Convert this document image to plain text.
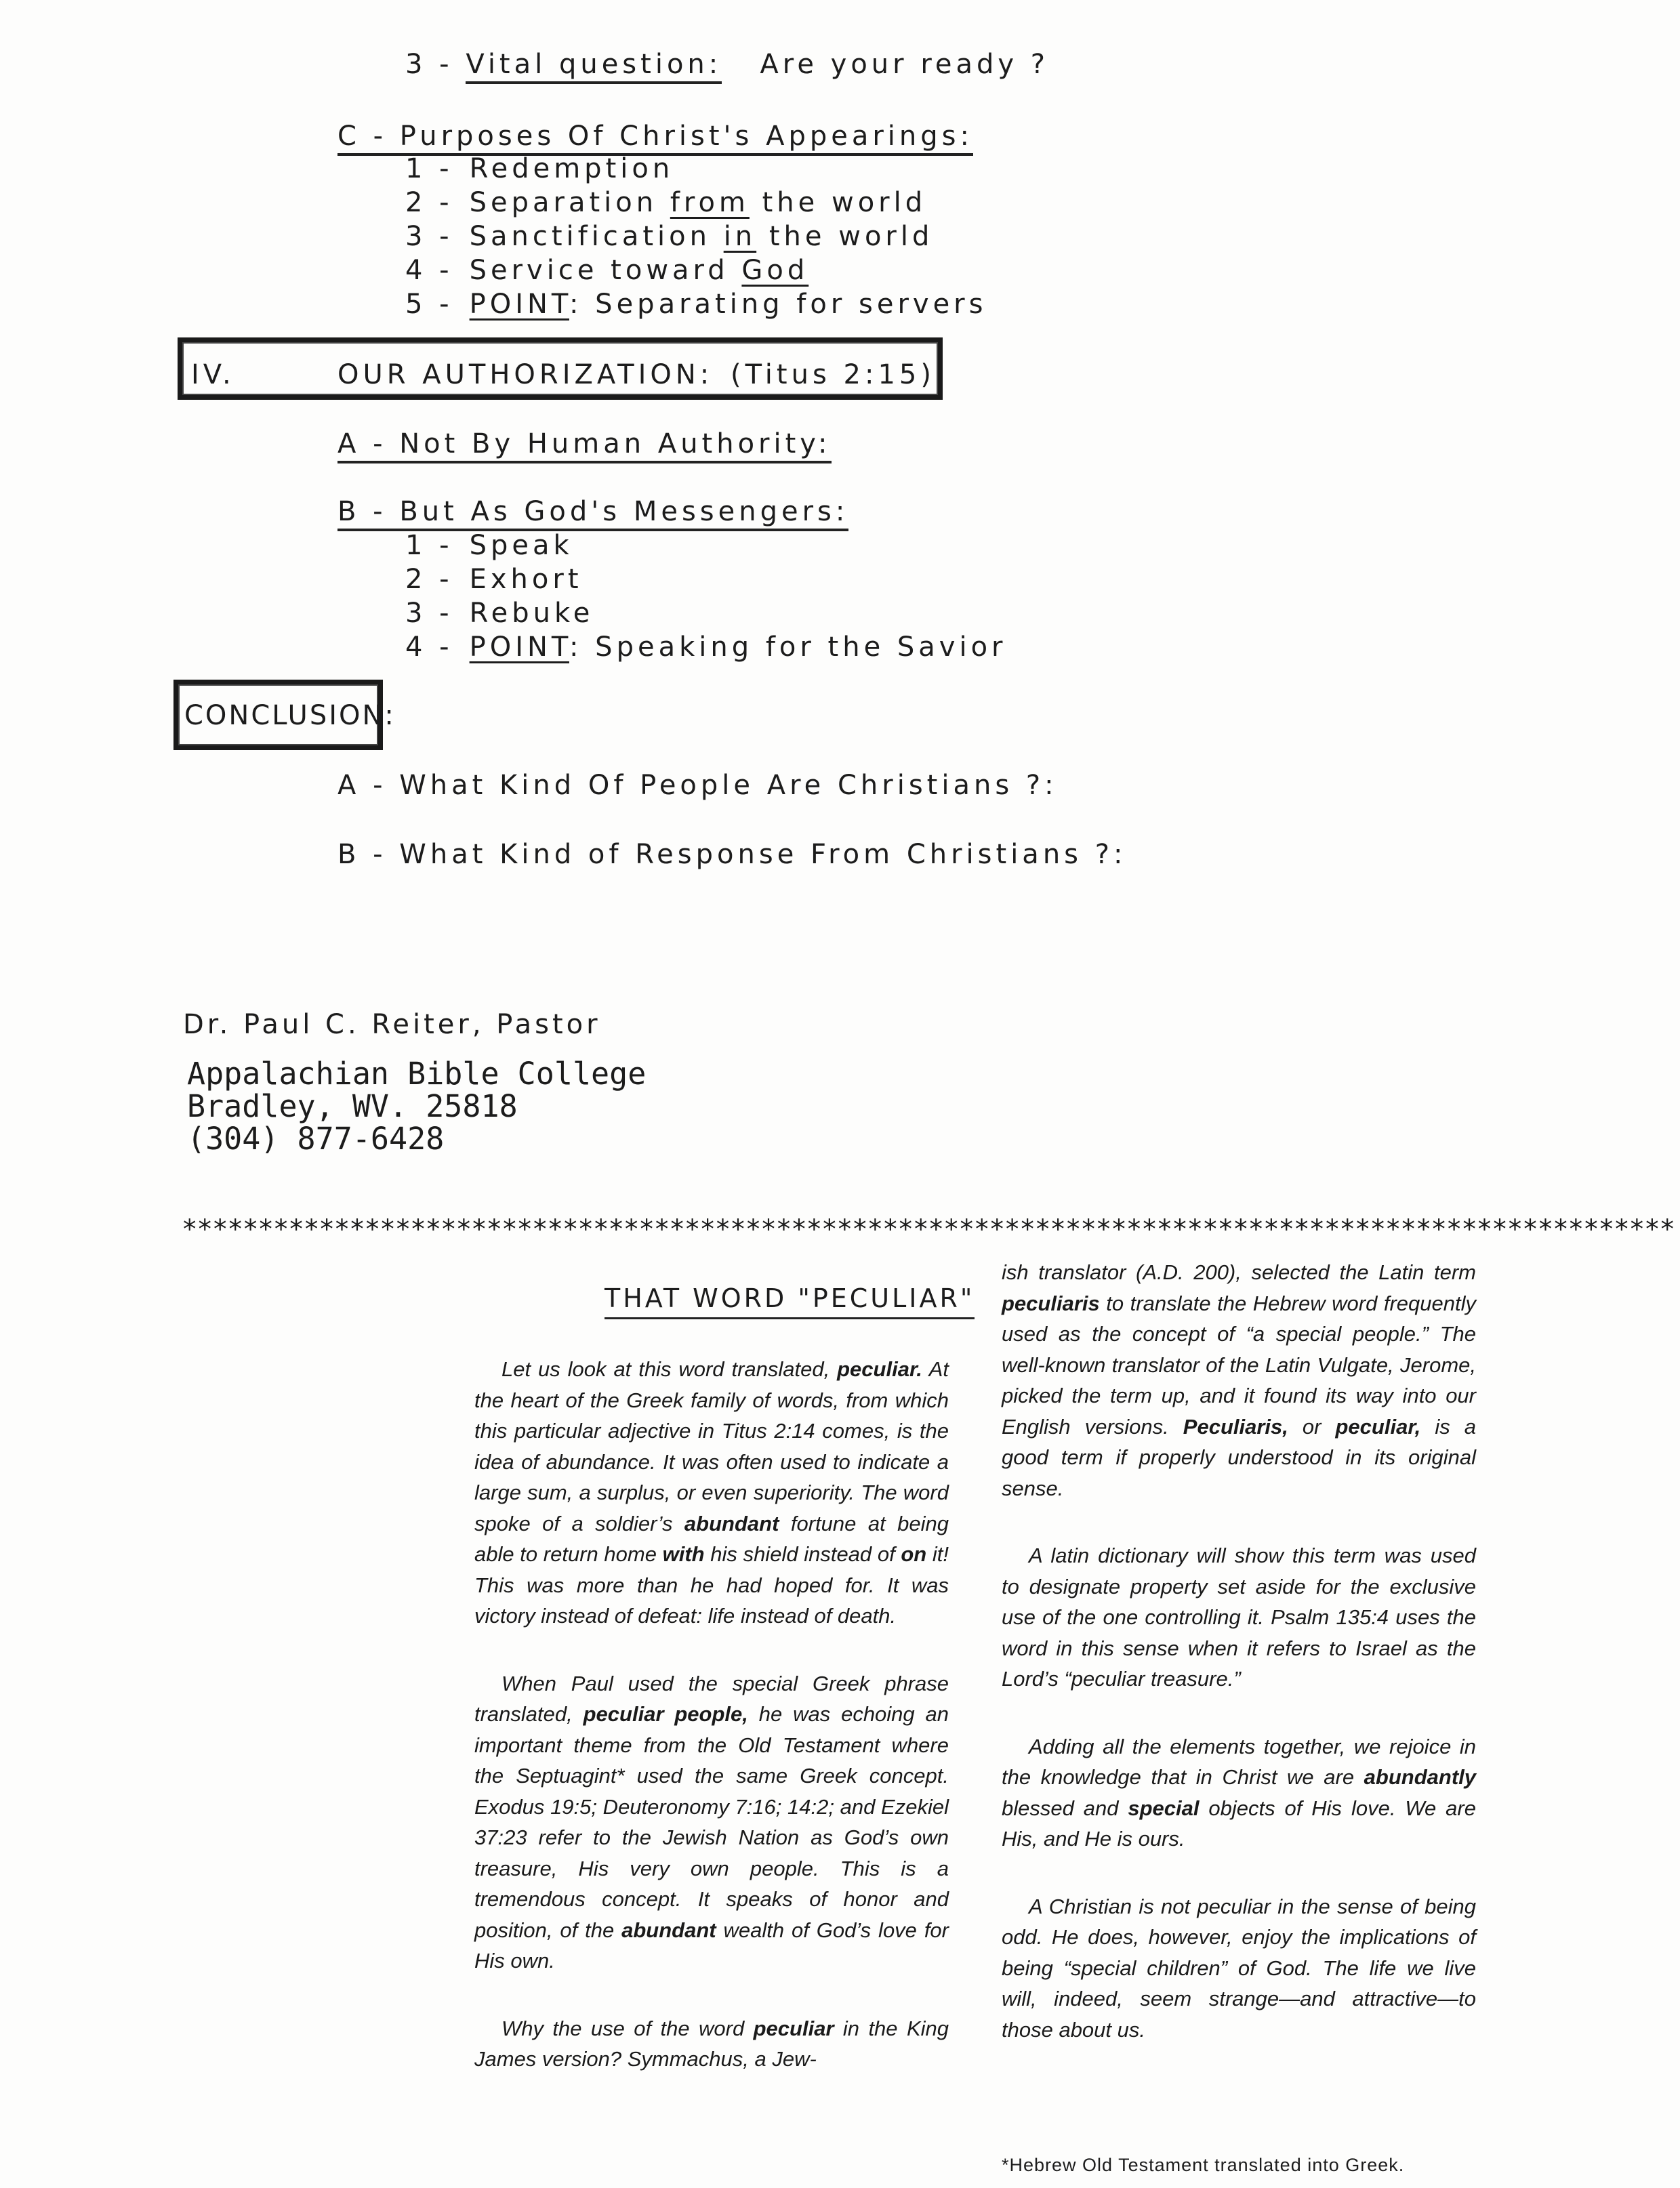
3 - Vital question: Are your ready ?
C - Purposes Of Christ's Appearings:
1 - Redemption
2 - Separation from the world
3 - Sanctification in the world
4 - Service toward God
5 - POINT: Separating for servers
IV.	OUR AUTHORIZATION: (Titus 2:15)
A - Not By Human Authority:
B - But As God's Messengers:
1 - Speak
2 - Exhort
3 - Rebuke
4 - POINT: Speaking for the Savior
CONCLUSION:
A - What Kind Of People Are Christians ?:
B - What Kind of Response From Christians ?:
Dr. Paul C. Reiter, Pastor
Appalachian Bible College
Bradley, WV. 25818
(304) 877-6428
**************************************************************************************************
THAT WORD "PECULIAR"

Let us look at this word translated, peculiar. At the heart of the Greek family of words, from which this particular adjective in Titus 2:14 comes, is the idea of abundance. It was often used to indicate a large sum, a surplus, or even superiority. The word spoke of a soldier’s abundant fortune at being able to return home with his shield instead of on it! This was more than he had hoped for. It was victory instead of defeat: life instead of death.

When Paul used the special Greek phrase translated, peculiar people, he was echoing an important theme from the Old Testament where the Septuagint* used the same Greek concept. Exodus 19:5; Deuteronomy 7:16; 14:2; and Ezekiel 37:23 refer to the Jewish Nation as God’s own treasure, His very own people. This is a tremendous concept. It speaks of honor and position, of the abundant wealth of God’s love for His own.

Why the use of the word peculiar in the King James version? Symmachus, a Jew-

ish translator (A.D. 200), selected the Latin term peculiaris to translate the Hebrew word frequently used as the concept of “a special people.” The well-known translator of the Latin Vulgate, Jerome, picked the term up, and it found its way into our English versions. Peculiaris, or peculiar, is a good term if properly understood in its original sense.

A latin dictionary will show this term was used to designate property set aside for the exclusive use of the one controlling it. Psalm 135:4 uses the word in this sense when it refers to Israel as the Lord’s “peculiar treasure.”

Adding all the elements together, we rejoice in the knowledge that in Christ we are abundantly blessed and special objects of His love. We are His, and He is ours.

A Christian is not peculiar in the sense of being odd. He does, however, enjoy the implications of being “special children” of God. The life we live will, indeed, seem strange—and attractive—to those about us.

*Hebrew Old Testament translated into Greek.
